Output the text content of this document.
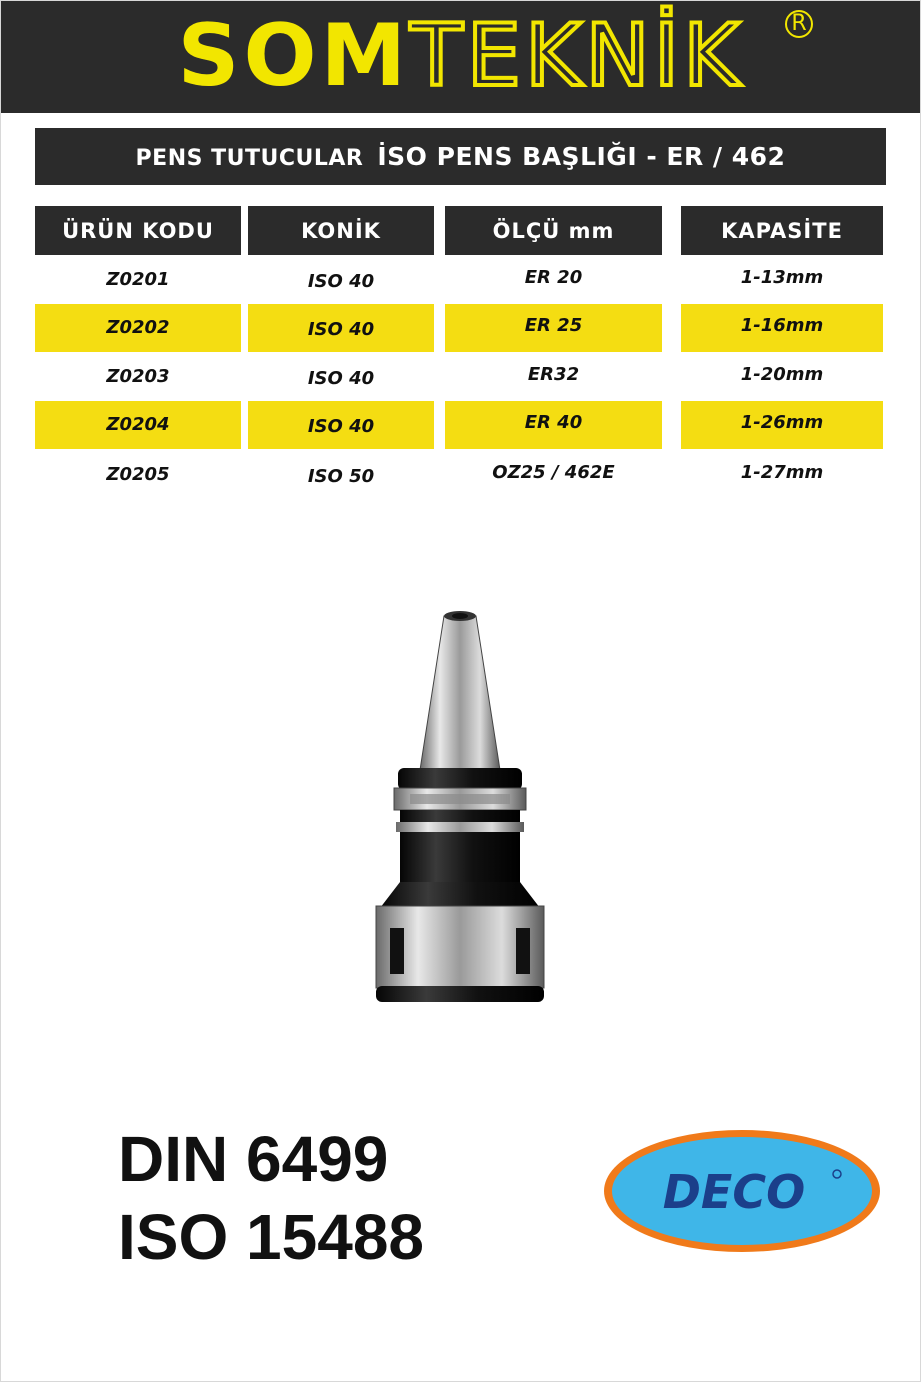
SOMTEKNİK	R
PENS TUTUCULAR İSO PENS BAŞLIĞI - ER / 462
ÜRÜN KODU	KONİK	ÖLÇÜ mm	KAPASİTE
Z0201	ISO 40	ER 20	1-13mm
Z0202	ISO 40	ER 25	1-16mm
Z0203	ISO 40	ER32	1-20mm
Z0204	ISO 40	ER 40	1-26mm
Z0205	ISO 50	OZ25 / 462E	1-27mm
DIN 6499
ISO 15488
DECO
